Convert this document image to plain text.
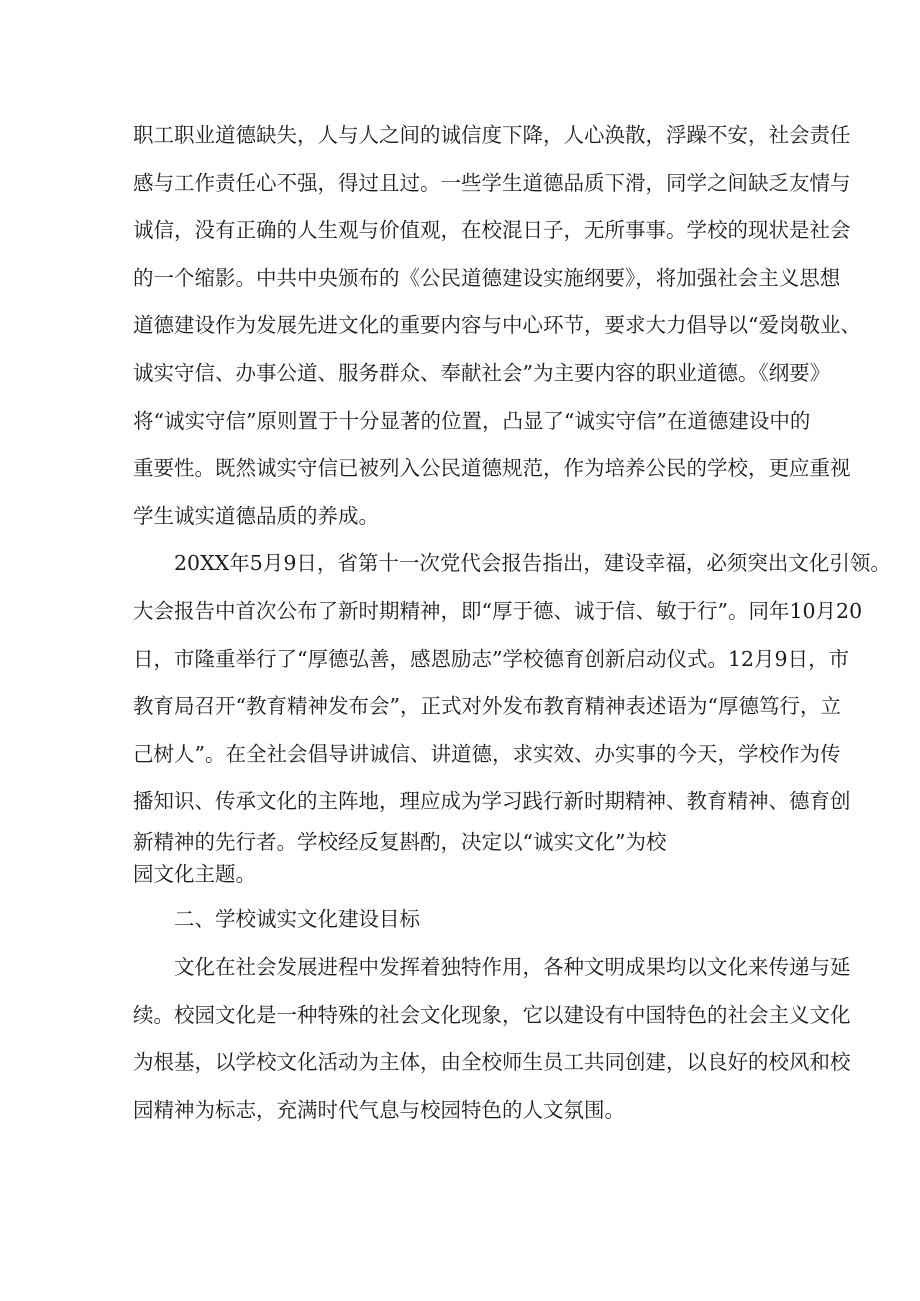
职工职业道德缺失，人与人之间的诚信度下降，人心涣散，浮躁不安，社会责任
感与工作责任心不强，得过且过。一些学生道德品质下滑，同学之间缺乏友情与
诚信，没有正确的人生观与价值观，在校混日子，无所事事。学校的现状是社会
的一个缩影。中共中央颁布的《公民道德建设实施纲要》，将加强社会主义思想
道德建设作为发展先进文化的重要内容与中心环节，要求大力倡导以“爱岗敬业、
诚实守信、办事公道、服务群众、奉献社会”为主要内容的职业道德。《纲要》
将“诚实守信”原则置于十分显著的位置，凸显了“诚实守信”在道德建设中的
重要性。既然诚实守信已被列入公民道德规范，作为培养公民的学校，更应重视
学生诚实道德品质的养成。
20XX年5月9日，省第十一次党代会报告指出，建设幸福，必须突出文化引领。
大会报告中首次公布了新时期精神，即“厚于德、诚于信、敏于行”。同年10月20
日，市隆重举行了“厚德弘善，感恩励志”学校德育创新启动仪式。12月9日，市
教育局召开“教育精神发布会”，正式对外发布教育精神表述语为“厚德笃行，立
己树人”。在全社会倡导讲诚信、讲道德，求实效、办实事的今天，学校作为传
播知识、传承文化的主阵地，理应成为学习践行新时期精神、教育精神、德育创
新精神的先行者。学校经反复斟酌，决定以“诚实文化”为校
园文化主题。
二、学校诚实文化建设目标
文化在社会发展进程中发挥着独特作用，各种文明成果均以文化来传递与延
续。校园文化是一种特殊的社会文化现象，它以建设有中国特色的社会主义文化
为根基，以学校文化活动为主体，由全校师生员工共同创建，以良好的校风和校
园精神为标志，充满时代气息与校园特色的人文氛围。
